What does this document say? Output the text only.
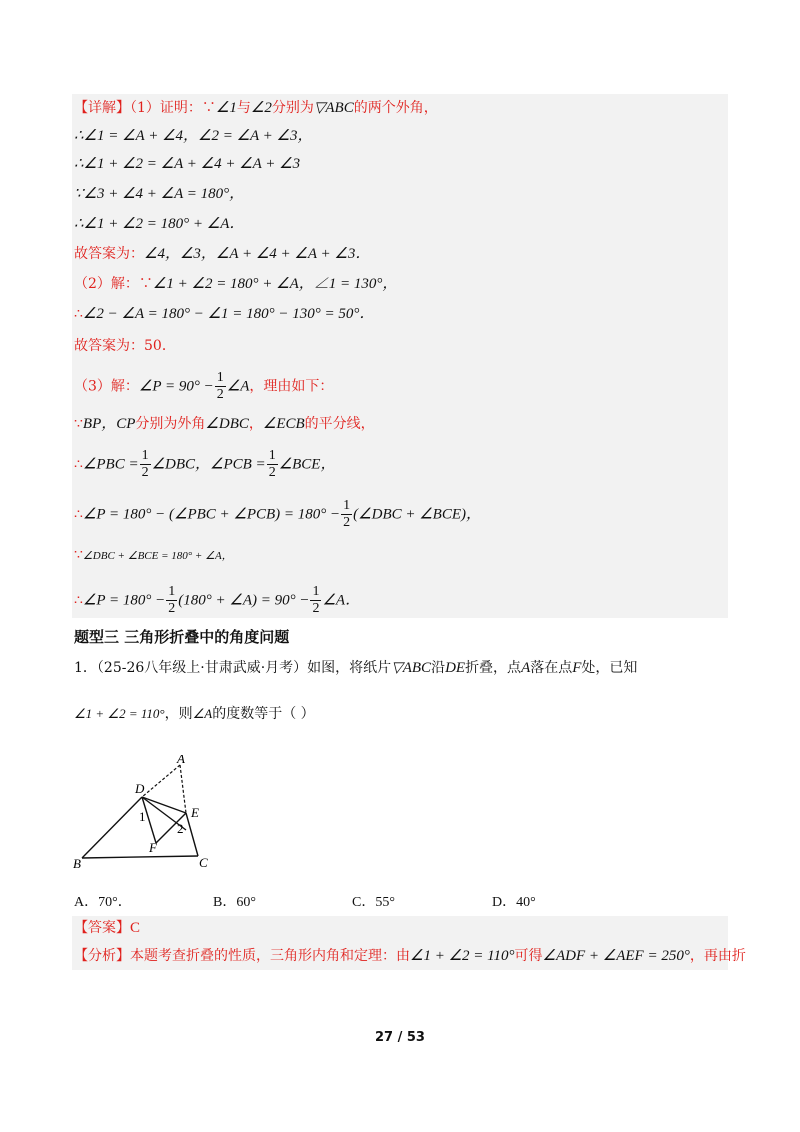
【详解】（1）证明：∵∠1与∠2分别为▽ABC的两个外角，
∴∠1 = ∠A + ∠4，∠2 = ∠A + ∠3，
∴∠1 + ∠2 = ∠A + ∠4 + ∠A + ∠3
∵∠3 + ∠4 + ∠A = 180°，
∴∠1 + ∠2 = 180° + ∠A．
故答案为：∠4，∠3，∠A + ∠4 + ∠A + ∠3．
（2）解：∵∠1 + ∠2 = 180° + ∠A，∠1 = 130°，
∴∠2 − ∠A = 180° − ∠1 = 180° − 130° = 50°．
故答案为：50．
（3）解：∠P = $90^\circ - \frac{1}{2}$ ∠A，理由如下：
∵BP，CP分别为外角∠DBC，∠ECB的平分线，
∴∠PBC = $\frac{1}{2}$ ∠DBC，∠PCB = $\frac{1}{2}$ ∠BCE，
∴∠P = 180° − (∠PBC + ∠PCB) = $180^\circ - \frac{1}{2}$ (∠DBC + ∠BCE)，
∵∠DBC + ∠BCE = 180° + ∠A，
∴∠P = $180^\circ - \frac{1}{2} (180^\circ$ + ∠A) = $90^\circ - \frac{1}{2}$ ∠A．
题型三 三角形折叠中的角度问题
1．（25-26八年级上·甘肃武威·月考）如图，将纸片▽ABC沿DE折叠，点A落在点F处，已知
∠1 + ∠2 = 110°，则∠A的度数等于（ ）
A
D
E
B	C
F
1
2
A．70°．	B．60°	C．55°	D．40°
【答案】C
【分析】本题考查折叠的性质，三角形内角和定理：由∠1 + ∠2 = 110°可得∠ADF + ∠AEF = 250°，再由折
27 / 53
